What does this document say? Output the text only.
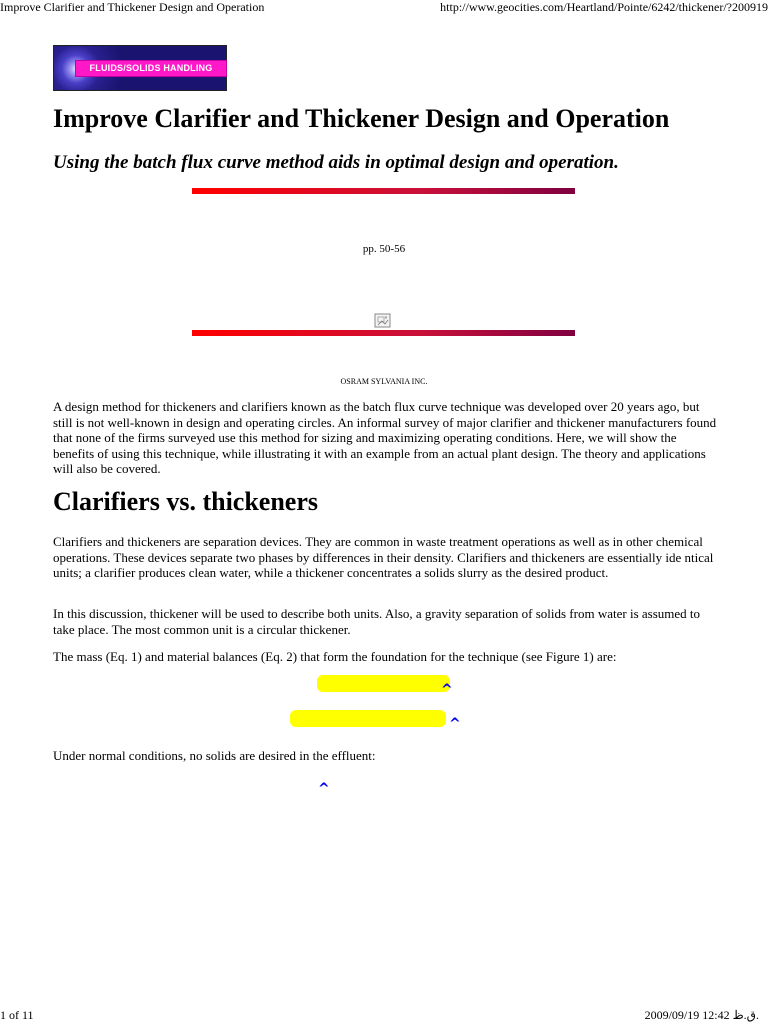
Improve Clarifier and Thickener Design and Operation	http://www.geocities.com/Heartland/Pointe/6242/thickener/?200919
FLUIDS/SOLIDS HANDLING
Improve Clarifier and Thickener Design and Operation
Using the batch flux curve method aids in optimal design and operation.
pp. 50-56
OSRAM SYLVANIA INC.

A design method for thickeners and clarifiers known as the batch flux curve technique was developed over 20 years ago, but still is not well-known in design and operating circles. An informal survey of major clarifier and thickener manufacturers found that none of the firms surveyed use this method for sizing and maximizing operating conditions. Here, we will show the benefits of using this technique, while illustrating it with an example from an actual plant design. The theory and applications will also be covered.

Clarifiers vs. thickeners

Clarifiers and thickeners are separation devices. They are common in waste treatment operations as well as in other chemical operations. These devices separate two phases by differences in their density. Clarifiers and thickeners are essentially ide ntical units; a clarifier produces clean water, while a thickener concentrates a solids slurry as the desired product.

In this discussion, thickener will be used to describe both units. Also, a gravity separation of solids from water is assumed to take place. The most common unit is a circular thickener.

The mass (Eq. 1) and material balances (Eq. 2) that form the foundation for the technique (see Figure 1) are:

^
^

Under normal conditions, no solids are desired in the effluent:

^
1 of 11	2009/09/19 12:42 ق.ظ.
